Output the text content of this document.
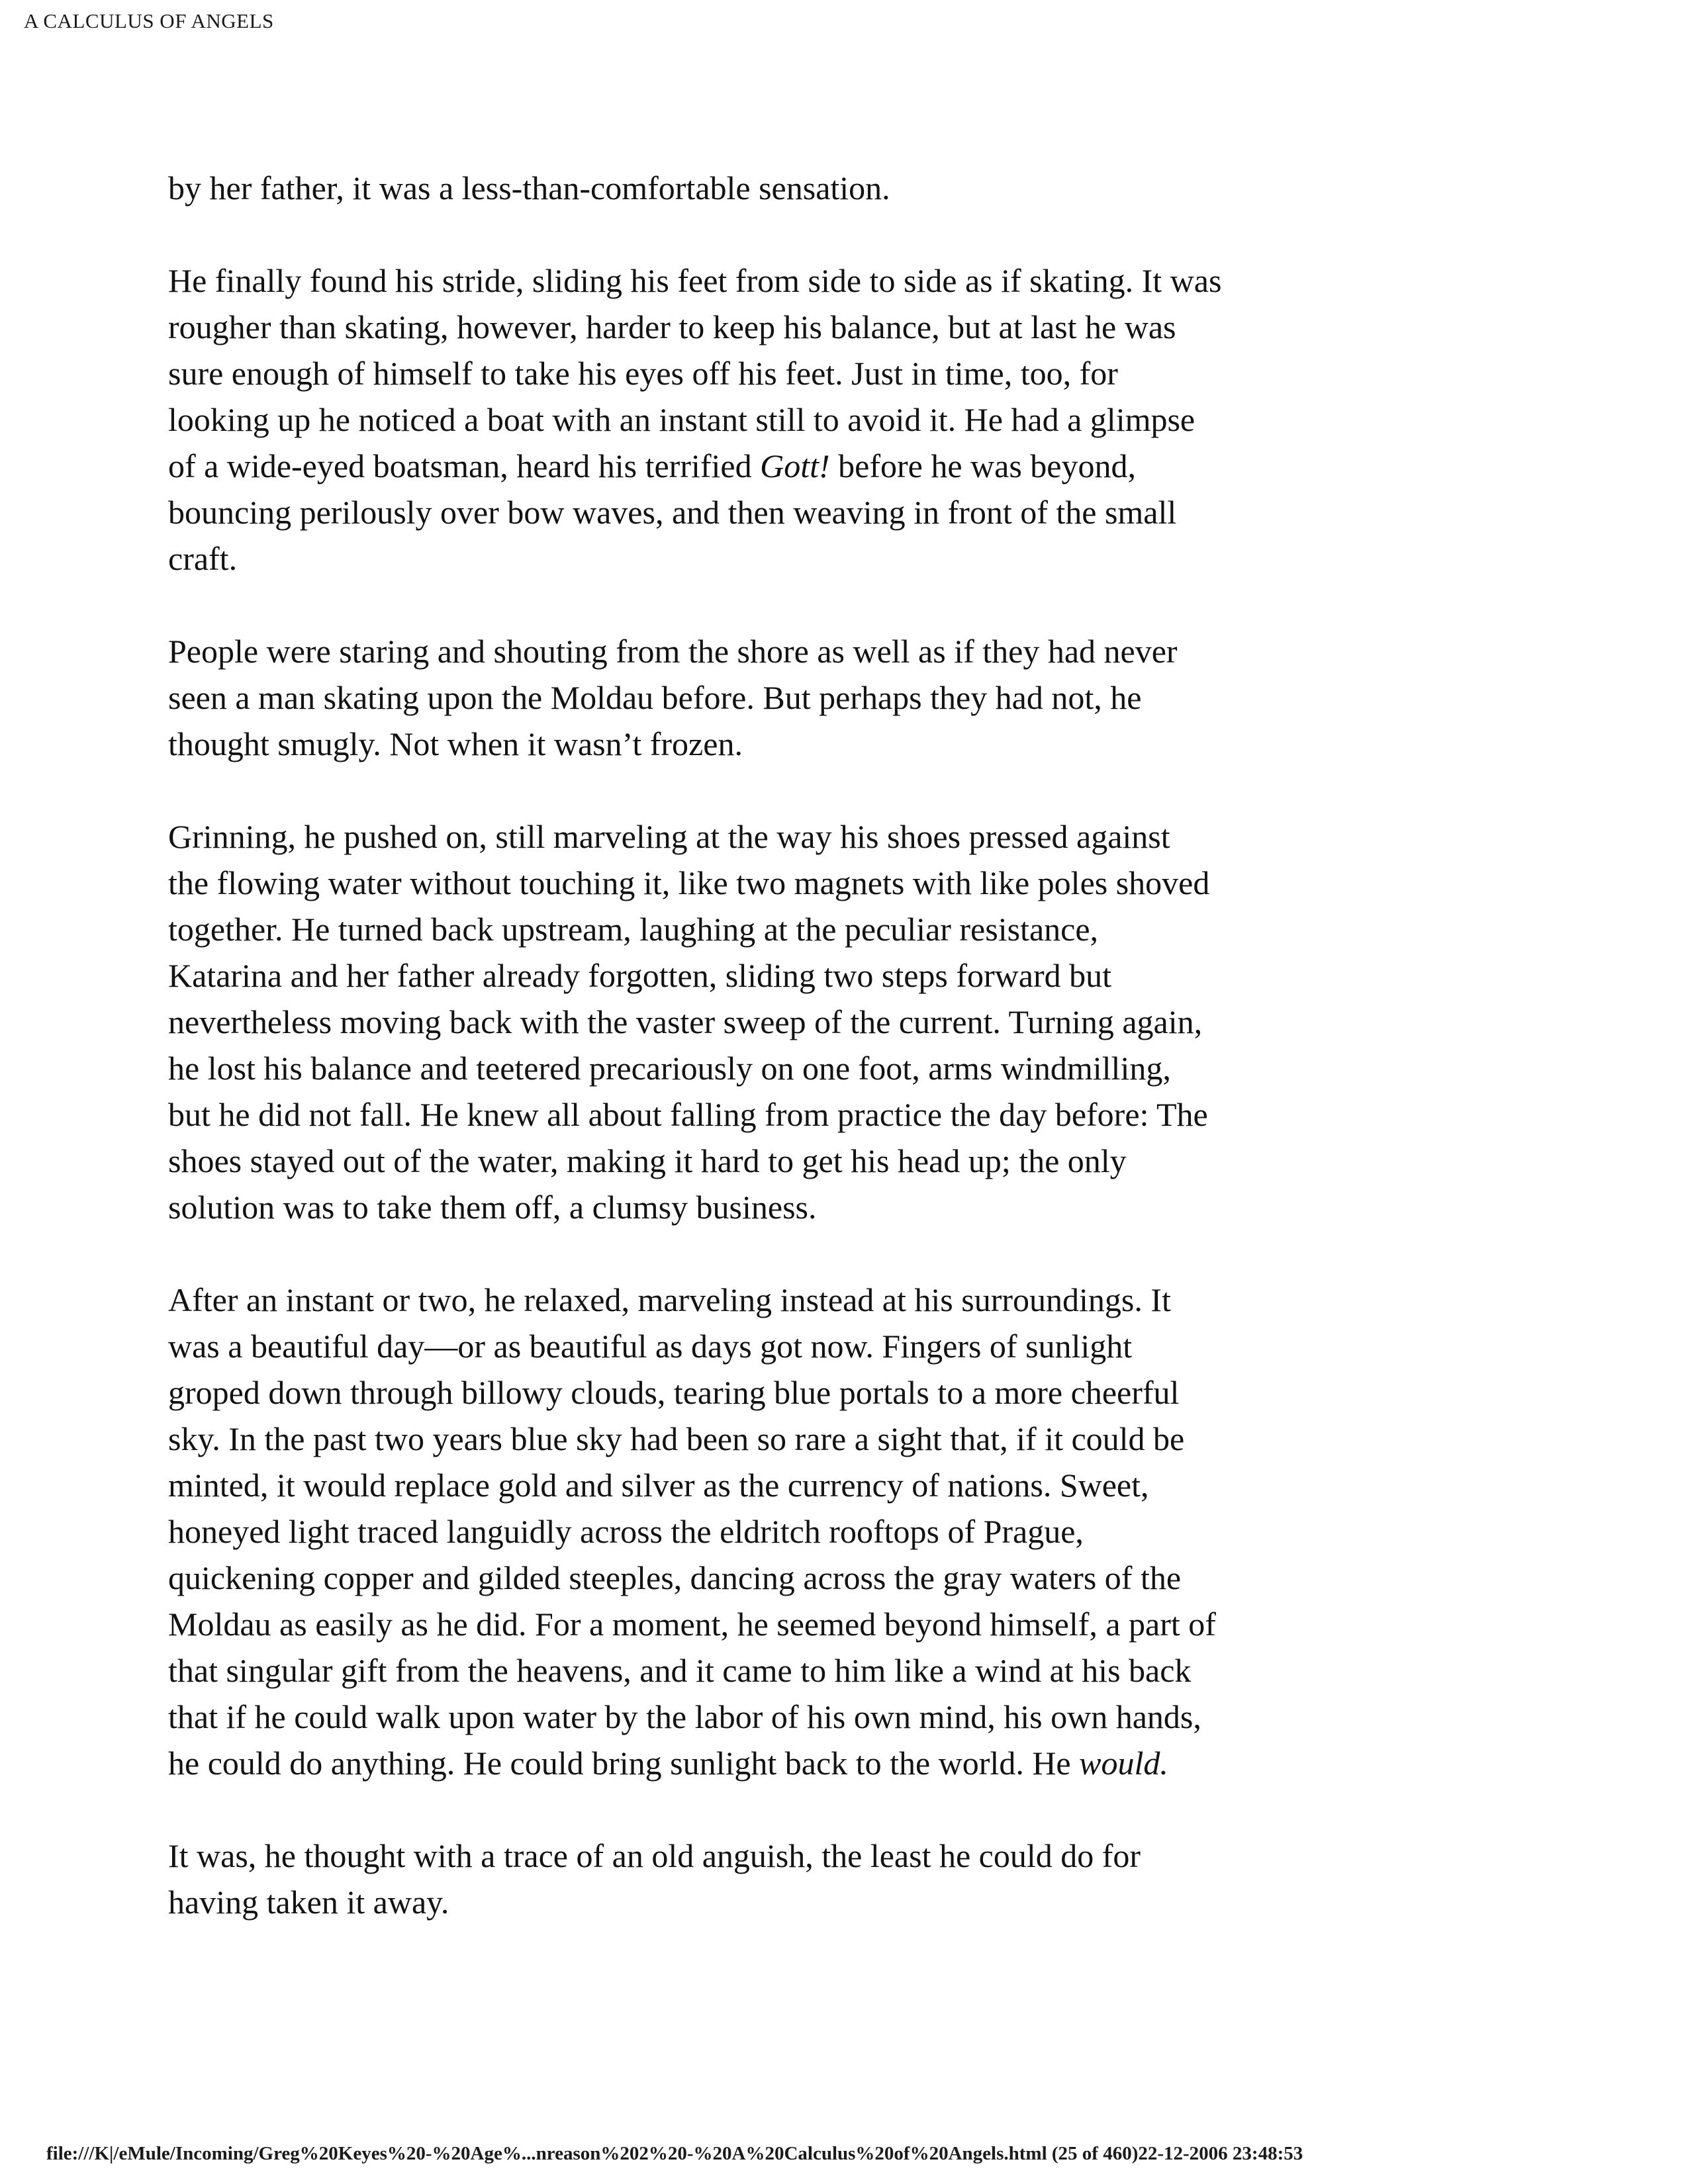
A CALCULUS OF ANGELS

by her father, it was a less-than-comfortable sensation.

He finally found his stride, sliding his feet from side to side as if skating. It was
rougher than skating, however, harder to keep his balance, but at last he was
sure enough of himself to take his eyes off his feet. Just in time, too, for
looking up he noticed a boat with an instant still to avoid it. He had a glimpse
of a wide-eyed boatsman, heard his terrified Gott! before he was beyond,
bouncing perilously over bow waves, and then weaving in front of the small
craft.

People were staring and shouting from the shore as well as if they had never
seen a man skating upon the Moldau before. But perhaps they had not, he
thought smugly. Not when it wasn’t frozen.

Grinning, he pushed on, still marveling at the way his shoes pressed against
the flowing water without touching it, like two magnets with like poles shoved
together. He turned back upstream, laughing at the peculiar resistance,
Katarina and her father already forgotten, sliding two steps forward but
nevertheless moving back with the vaster sweep of the current. Turning again,
he lost his balance and teetered precariously on one foot, arms windmilling,
but he did not fall. He knew all about falling from practice the day before: The
shoes stayed out of the water, making it hard to get his head up; the only
solution was to take them off, a clumsy business.

After an instant or two, he relaxed, marveling instead at his surroundings. It
was a beautiful day—or as beautiful as days got now. Fingers of sunlight
groped down through billowy clouds, tearing blue portals to a more cheerful
sky. In the past two years blue sky had been so rare a sight that, if it could be
minted, it would replace gold and silver as the currency of nations. Sweet,
honeyed light traced languidly across the eldritch rooftops of Prague,
quickening copper and gilded steeples, dancing across the gray waters of the
Moldau as easily as he did. For a moment, he seemed beyond himself, a part of
that singular gift from the heavens, and it came to him like a wind at his back
that if he could walk upon water by the labor of his own mind, his own hands,
he could do anything. He could bring sunlight back to the world. He would.

It was, he thought with a trace of an old anguish, the least he could do for
having taken it away.

file:///K|/eMule/Incoming/Greg%20Keyes%20-%20Age%...nreason%202%20-%20A%20Calculus%20of%20Angels.html (25 of 460)22-12-2006 23:48:53
